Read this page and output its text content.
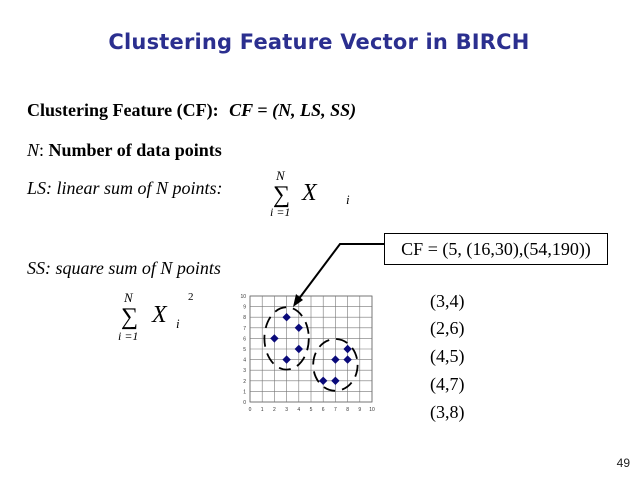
Clustering Feature Vector in BIRCH
Clustering Feature (CF): CF = (N, LS, SS)
N: Number of data points
LS: linear sum of N points:
N
∑
i =1
X i
SS: square sum of N points
N
∑
i =1
X i
2
0 1 2 3 4 5 6 7 8 9 10
0
1
2
3
4
5
6
7
8
9
10
CF = (5, (16,30),(54,190))
(3,4)
(2,6)
(4,5)
(4,7)
(3,8)
49
